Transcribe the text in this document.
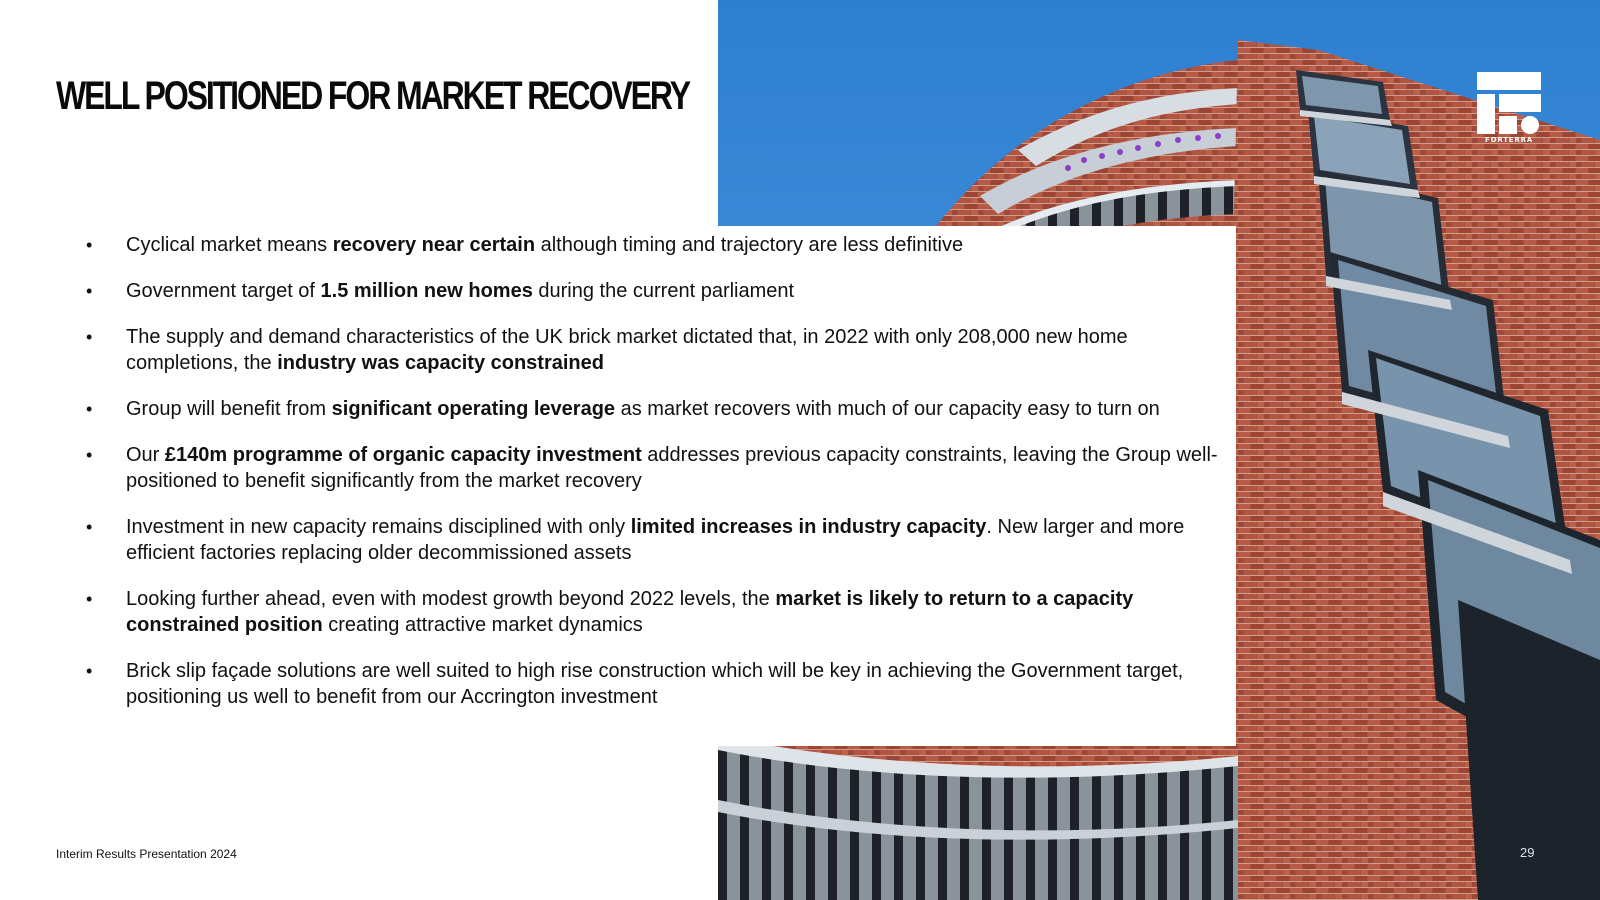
WELL POSITIONED FOR MARKET RECOVERY
FORTERRA
•	Cyclical market means recovery near certain although timing and trajectory are less definitive
•	Government target of 1.5 million new homes during the current parliament
•	The supply and demand characteristics of the UK brick market dictated that, in 2022 with only 208,000 new home completions, the industry was capacity constrained
•	Group will benefit from significant operating leverage as market recovers with much of our capacity easy to turn on
•	Our £140m programme of organic capacity investment addresses previous capacity constraints, leaving the Group well-positioned to benefit significantly from the market recovery
•	Investment in new capacity remains disciplined with only limited increases in industry capacity. New larger and more efficient factories replacing older decommissioned assets
•	Looking further ahead, even with modest growth beyond 2022 levels, the market is likely to return to a capacity constrained position creating attractive market dynamics
•	Brick slip façade solutions are well suited to high rise construction which will be key in achieving the Government target, positioning us well to benefit from our Accrington investment
Interim Results Presentation 2024	29
